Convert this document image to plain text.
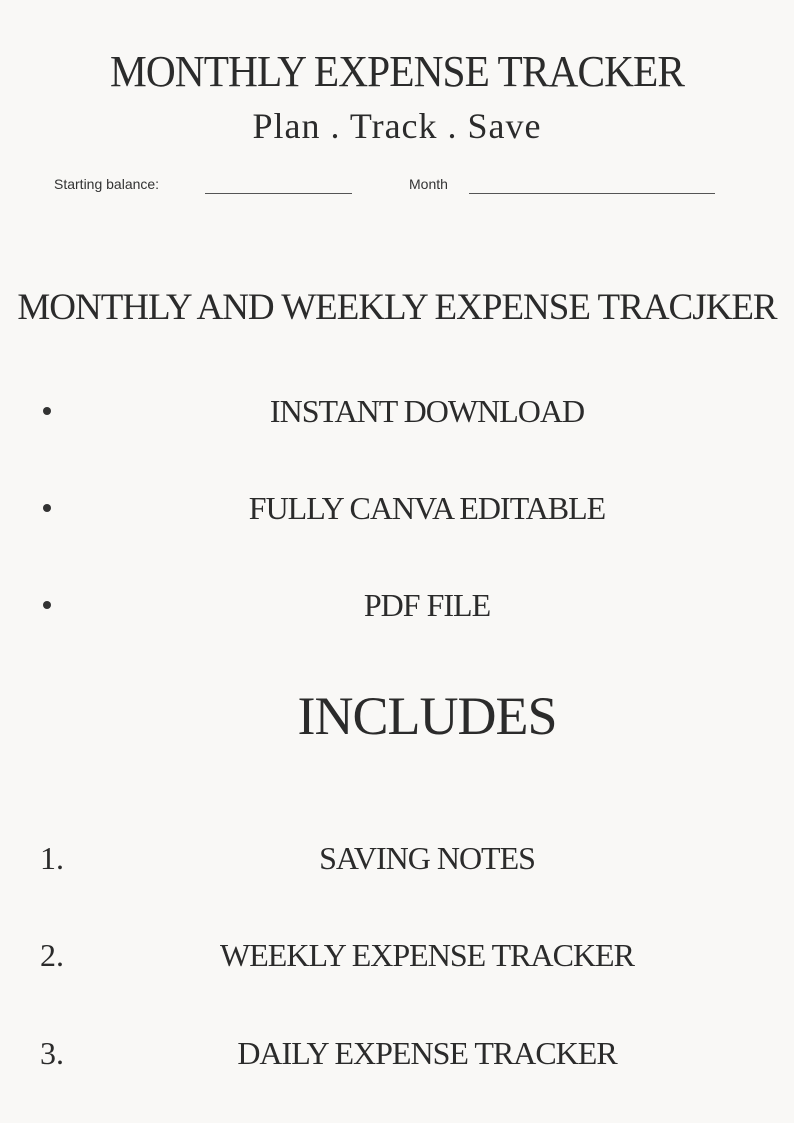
MONTHLY EXPENSE TRACKER
Plan . Track . Save
Starting balance:	Month
MONTHLY AND WEEKLY EXPENSE TRACJKER
INSTANT DOWNLOAD
FULLY CANVA EDITABLE
PDF FILE
INCLUDES
1.	SAVING NOTES
2.	WEEKLY EXPENSE TRACKER
3.	DAILY EXPENSE TRACKER
